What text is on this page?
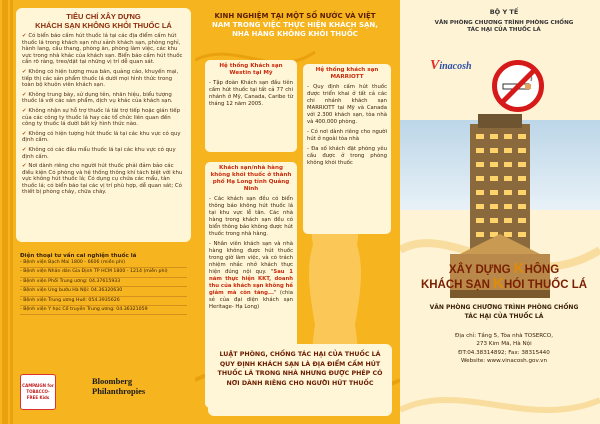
TIÊU CHÍ XÂY DỰNG
KHÁCH SẠN KHÔNG KHÓI THUỐC LÁ
✔ Có biển báo cấm hút thuốc lá tại các địa điểm cấm hút thuốc lá trong khách sạn như sảnh khách sạn, phòng nghỉ, hành lang, cầu thang, phòng ăn, phòng làm việc, các khu vực trong nhà khác của khách sạn. Biển báo cấm hút thuốc cần rõ ràng, treo/dặt tại những vị trí dễ quan sát.
✔ Không có hiện tượng mua bán, quảng cáo, khuyến mại, tiếp thị các sản phẩm thuốc lá dưới mọi hình thức trong toàn bộ khuôn viên khách sạn.
✔ Không trung bày, sử dụng tên, nhãn hiệu, biểu tượng thuốc lá với các sản phẩm, dịch vụ khác của khách sạn.
✔ Không nhận sự hỗ trợ thuốc lá tài trợ tiếp hoặc gián tiếp của các công ty thuốc lá hay các tổ chức liên quan đến công ty thuốc lá dưới bất kỳ hình thức nào.
✔ Không có hiện tượng hút thuốc lá tại các khu vực có quy định cấm.
✔ Không có các đầu mẩu thuốc lá tại các khu vực có quy định cấm.
✔ Nơi dành riêng cho người hút thuốc phải đảm bảo các điều kiện Có phòng và hệ thống thông khí tách biệt với khu vực không hút thuốc lá; Có dụng cụ chứa các mẩu, tàn thuốc lá; có biển báo tại các vị trí phù hợp, dễ quan sát; Có thiết bị phòng cháy, chữa cháy.
Điện thoại tư vấn cai nghiện thuốc lá
- Bệnh viện Bạch Mai 1800 - 6606 (miễn phí)
- Bệnh viện Nhân dân Gia Định TP HCM 1800 - 1214 (miễn phí)
- Bệnh viện Phổi Trung ương: 04.37615933
- Bệnh viện Ung bướu Hà Nội: 04.36320630
- Bệnh viện Trung ương Huế: 054.3935626
- Bệnh viện Y học Cổ truyền Trung ương: 04.36321059
CAMPAIGN for TOBACCO-FREE Kids
Bloomberg
Philanthropies
KINH NGHIỆM TẠI MỘT SỐ NƯỚC VÀ VIỆT
NAM TRONG VIỆC THỰC HIỆN KHÁCH SẠN,
NHÀ HÀNG KHÔNG KHÓI THUỐC
Hệ thống Khách sạn Westin tại Mỹ
- Tập đoàn Khách sạn đầu tiên cấm hút thuốc tại tất cả 77 chi nhánh ở Mỹ, Canada, Caribe từ tháng 12 năm 2005.
Khách sạn/nhà hàng không khói thuốc ở thành phố Hạ Long tỉnh Quảng Ninh
- Các khách sạn đều có biển thông báo không hút thuốc lá tại khu vực lễ tân. Các nhà hàng trong khách sạn đều có biển thông báo không được hút thuốc trong nhà hàng.
- Nhân viên khách sạn và nhà hàng không được hút thuốc trong giờ làm việc, và có trách nhiệm nhắc nhở khách thực hiện đúng nội quy. "Sau 1 năm thực hiện KKT, doanh thu của khách sạn không hề giảm mà còn tăng..." (chia sẻ của đại diện khách sạn Heritage- Hạ Long)
Hệ thống khách sạn MARRIOTT
- Quy định cấm hút thuốc được triển khai ở tất cả các chi nhánh khách sạn MARRIOTT tại Mỹ và Canada với 2.300 khách sạn, tòa nhà và 400.000 phòng.
- Có nơi dành riêng cho người hút ở ngoài tòa nhà
- Đa số khách đặt phòng yêu cầu được ở trong phòng không khói thuốc
LUẬT PHÒNG, CHỐNG TÁC HẠI CỦA THUỐC LÁ QUY ĐỊNH KHÁCH SẠN LÀ ĐỊA ĐIỂM CẤM HÚT THUỐC LÁ TRONG NHÀ NHƯNG ĐƯỢC PHÉP CÓ NƠI DÀNH RIÊNG CHO NGƯỜI HÚT THUỐC
BỘ Y TẾ
VĂN PHÒNG CHƯƠNG TRÌNH PHÒNG CHỐNG
TÁC HẠI CỦA THUỐC LÁ
Vinacosh
XÂY DỰNG KHÔNG
KHÁCH SẠN KHÓI THUỐC LÁ
VĂN PHÒNG CHƯƠNG TRÌNH PHÒNG CHỐNG
TÁC HẠI CỦA THUỐC LÁ
Địa chỉ: Tầng 5, Tòa nhà TOSERCO,
273 Kim Mã, Hà Nội
ĐT:04.38314892; Fax: 38315440
Website: www.vinacosh.gov.vn
